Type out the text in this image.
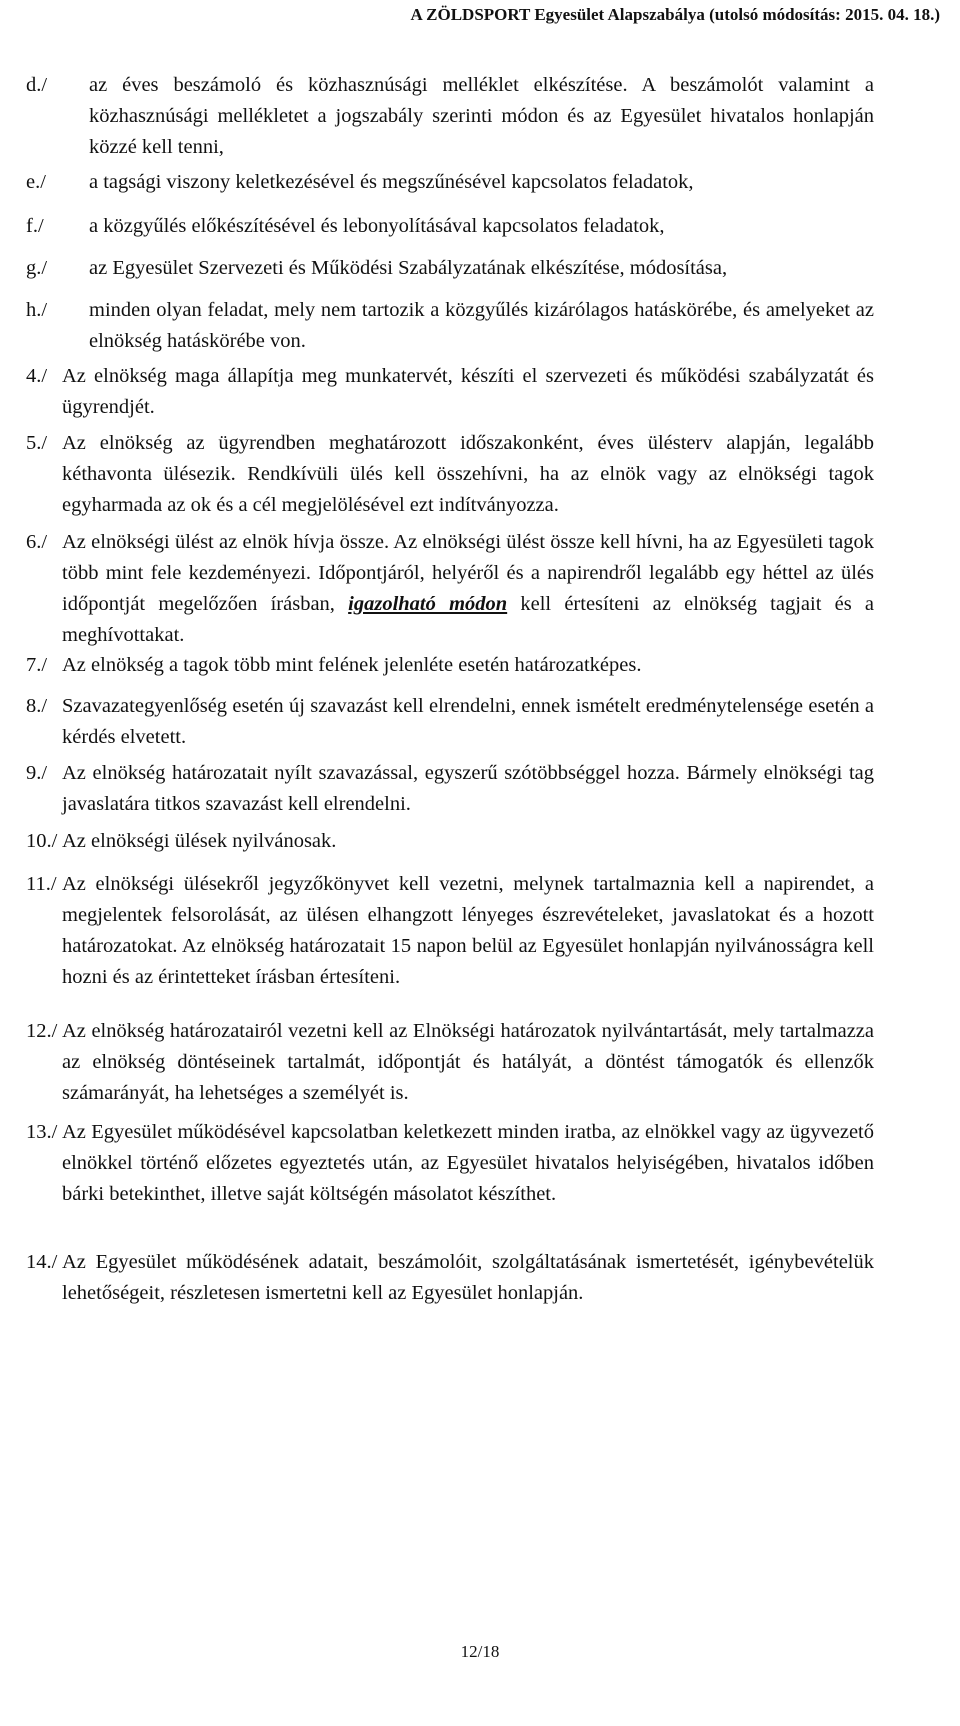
A ZÖLDSPORT Egyesület Alapszabálya (utolsó módosítás: 2015. 04. 18.)
d./ az éves beszámoló és közhasznúsági melléklet elkészítése. A beszámolót valamint a közhasznúsági mellékletet a jogszabály szerinti módon és az Egyesület hivatalos honlapján közzé kell tenni,
e./ a tagsági viszony keletkezésével és megszűnésével kapcsolatos feladatok,
f./ a közgyűlés előkészítésével és lebonyolításával kapcsolatos feladatok,
g./ az Egyesület Szervezeti és Működési Szabályzatának elkészítése, módosítása,
h./ minden olyan feladat, mely nem tartozik a közgyűlés kizárólagos hatáskörébe, és amelyeket az elnökség hatáskörébe von.
4./ Az elnökség maga állapítja meg munkatervét, készíti el szervezeti és működési szabályzatát és ügyrendjét.
5./ Az elnökség az ügyrendben meghatározott időszakonként, éves ülésterv alapján, legalább kéthavonta ülésezik. Rendkívüli ülés kell összehívni, ha az elnök vagy az elnökségi tagok egyharmada az ok és a cél megjelölésével ezt indítványozza.
6./ Az elnökségi ülést az elnök hívja össze. Az elnökségi ülést össze kell hívni, ha az Egyesületi tagok több mint fele kezdeményezi. Időpontjáról, helyéről és a napirendről legalább egy héttel az ülés időpontját megelőzően írásban, igazolható módon kell értesíteni az elnökség tagjait és a meghívottakat.
7./ Az elnökség a tagok több mint felének jelenléte esetén határozatképes.
8./ Szavazategyenlőség esetén új szavazást kell elrendelni, ennek ismételt eredménytelensége esetén a kérdés elvetett.
9./ Az elnökség határozatait nyílt szavazással, egyszerű szótöbbséggel hozza. Bármely elnökségi tag javaslatára titkos szavazást kell elrendelni.
10./ Az elnökségi ülések nyilvánosak.
11./ Az elnökségi ülésekről jegyzőkönyvet kell vezetni, melynek tartalmaznia kell a napirendet, a megjelentek felsorolását, az ülésen elhangzott lényeges észrevételeket, javaslatokat és a hozott határozatokat. Az elnökség határozatait 15 napon belül az Egyesület honlapján nyilvánosságra kell hozni és az érintetteket írásban értesíteni.
12./ Az elnökség határozatairól vezetni kell az Elnökségi határozatok nyilvántartását, mely tartalmazza az elnökség döntéseinek tartalmát, időpontját és hatályát, a döntést támogatók és ellenzők számarányát, ha lehetséges a személyét is.
13./ Az Egyesület működésével kapcsolatban keletkezett minden iratba, az elnökkel vagy az ügyvezető elnökkel történő előzetes egyeztetés után, az Egyesület hivatalos helyiségében, hivatalos időben bárki betekinthet, illetve saját költségén másolatot készíthet.
14./ Az Egyesület működésének adatait, beszámolóit, szolgáltatásának ismertetését, igénybevételük lehetőségeit, részletesen ismertetni kell az Egyesület honlapján.
12/18
